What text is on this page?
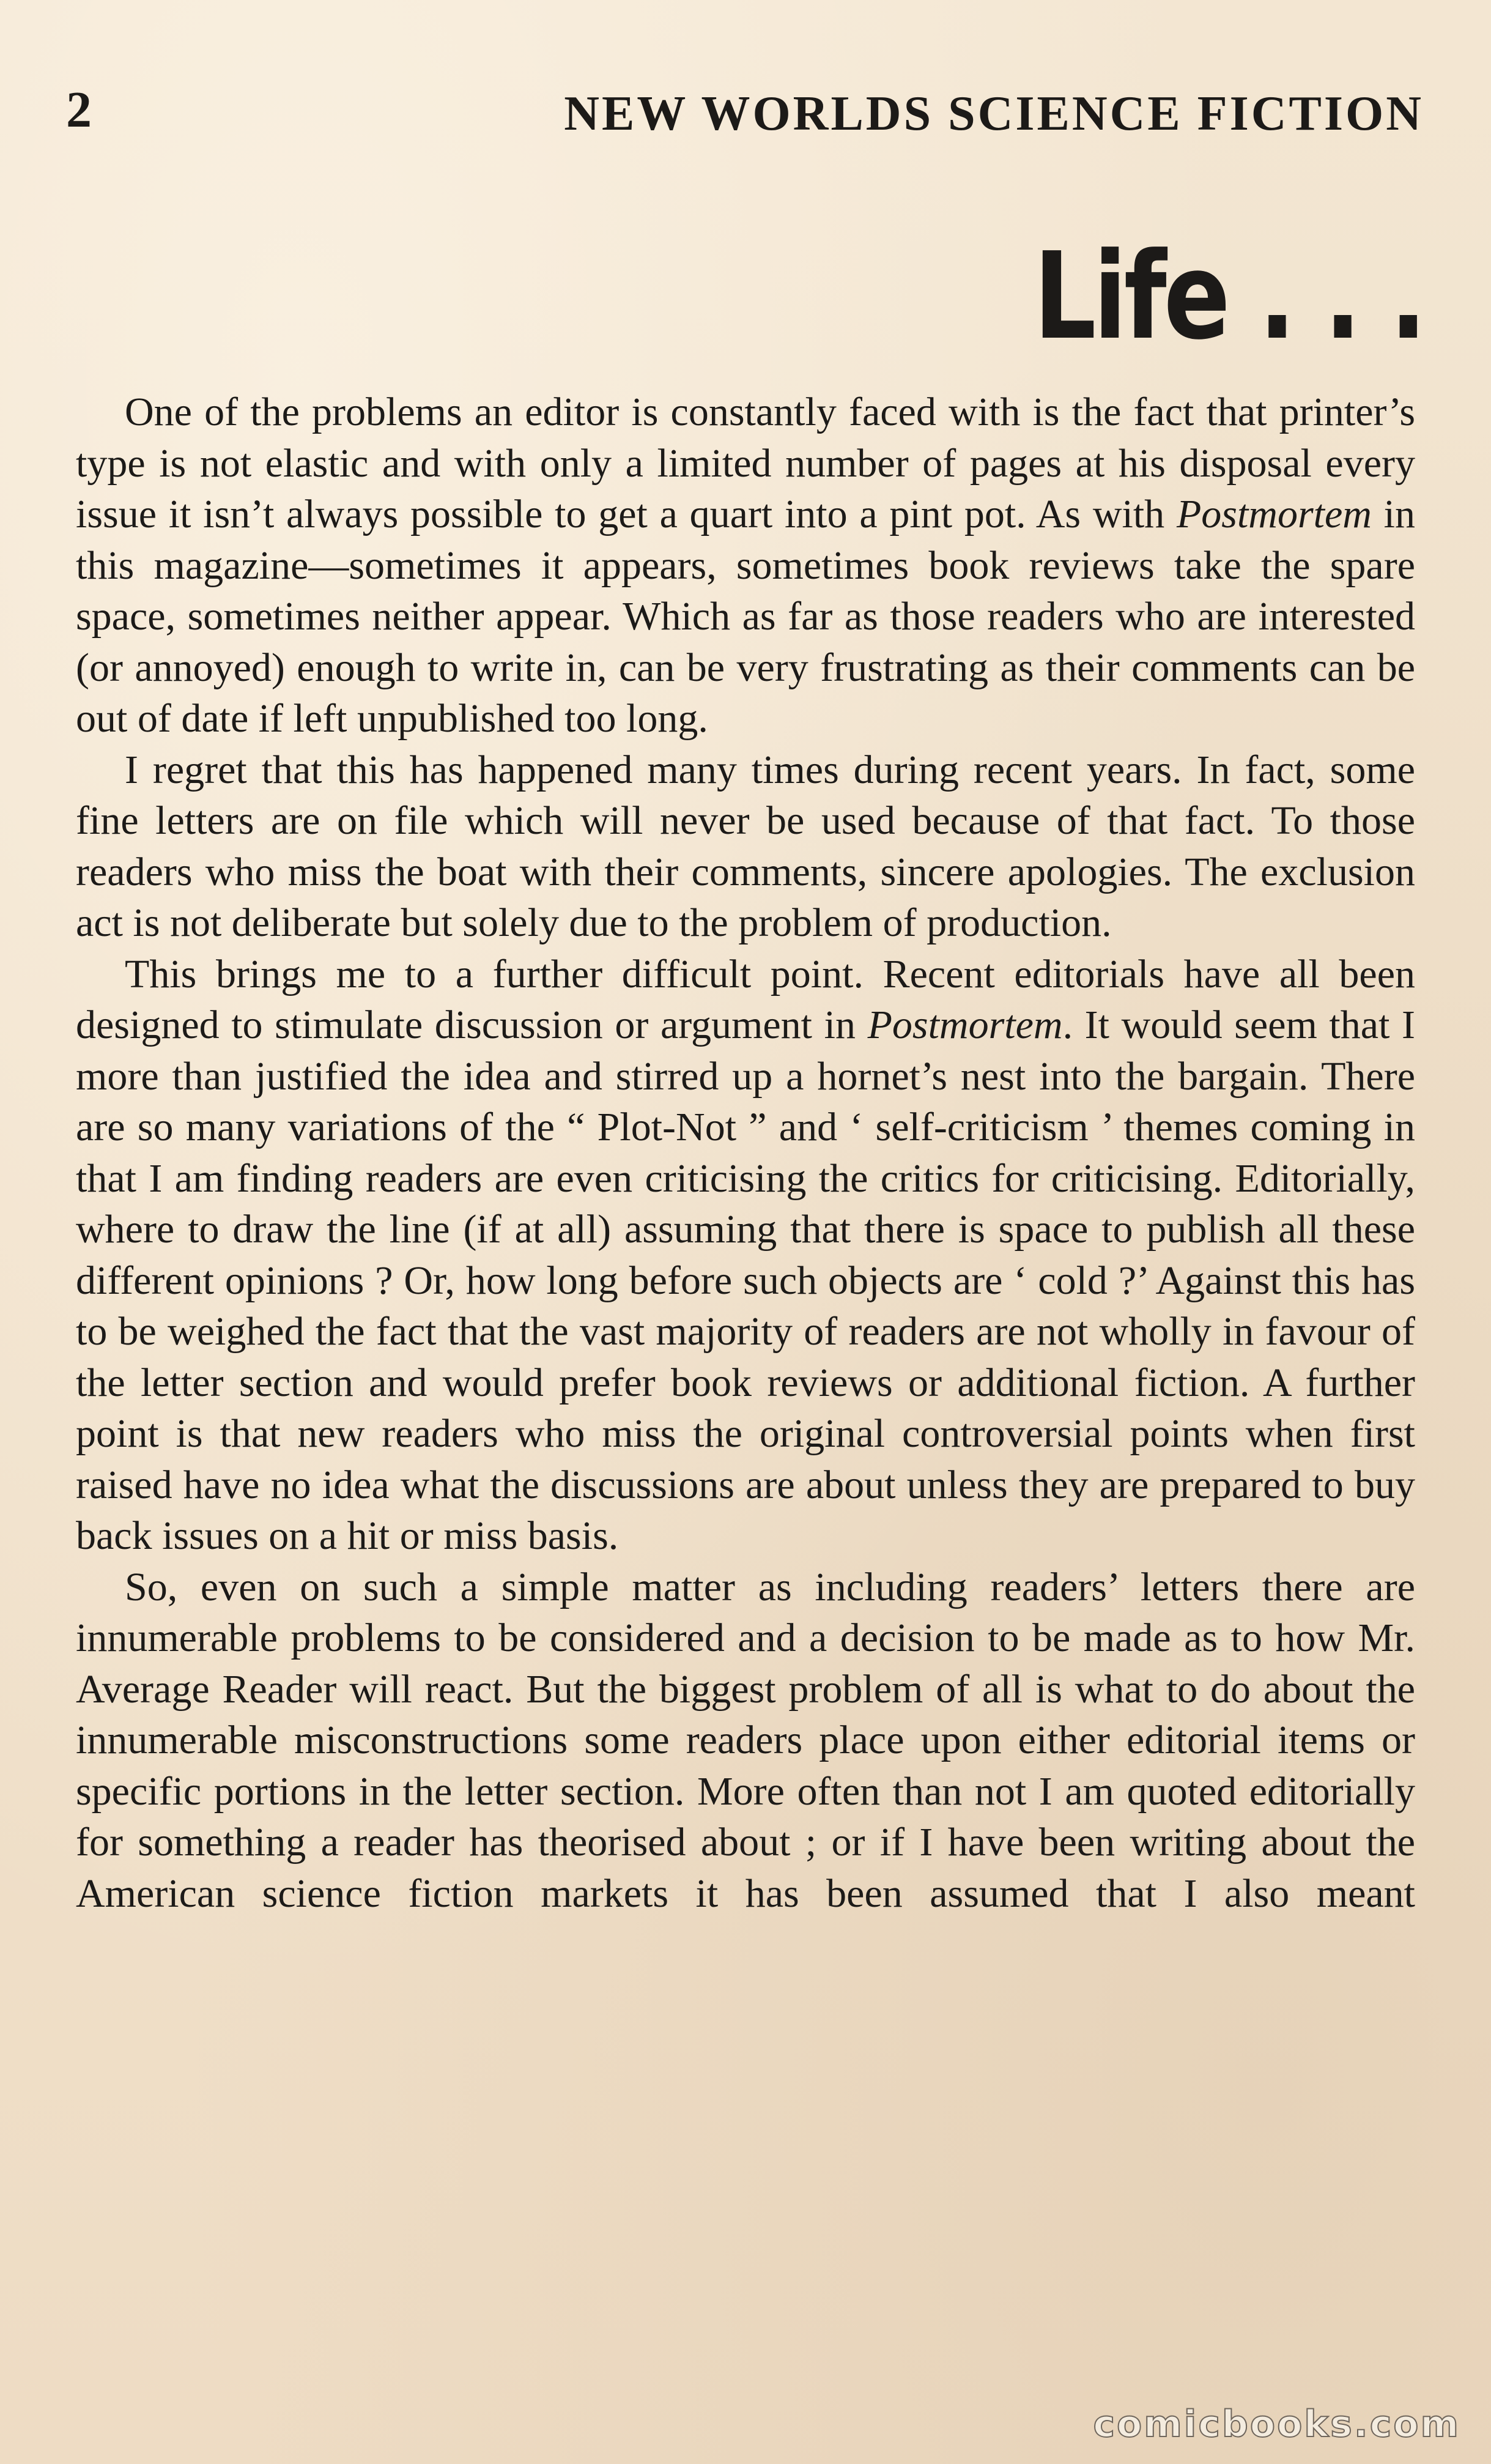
2	NEW WORLDS SCIENCE FICTION
Life . . .

One of the problems an editor is constantly faced with is the fact that printer’s type is not elastic and with only a limited number of pages at his disposal every issue it isn’t always possible to get a quart into a pint pot. As with Postmortem in this magazine—sometimes it appears, sometimes book reviews take the spare space, sometimes neither appear. Which as far as those readers who are interested (or annoyed) enough to write in, can be very frustrating as their comments can be out of date if left unpublished too long.

I regret that this has happened many times during recent years. In fact, some fine letters are on file which will never be used because of that fact. To those readers who miss the boat with their comments, sincere apologies. The exclusion act is not deliberate but solely due to the problem of production.

This brings me to a further difficult point. Recent editorials have all been designed to stimulate discussion or argument in Postmortem. It would seem that I more than justified the idea and stirred up a hornet’s nest into the bargain. There are so many variations of the “ Plot-Not ” and ‘ self-criticism ’ themes coming in that I am finding readers are even criticising the critics for criticising. Editorially, where to draw the line (if at all) assuming that there is space to publish all these different opinions ? Or, how long before such objects are ‘ cold ?’ Against this has to be weighed the fact that the vast majority of readers are not wholly in favour of the letter section and would prefer book reviews or additional fiction. A further point is that new readers who miss the original controversial points when first raised have no idea what the discussions are about unless they are prepared to buy back issues on a hit or miss basis.

So, even on such a simple matter as including readers’ letters there are innumerable problems to be considered and a decision to be made as to how Mr. Average Reader will react. But the biggest problem of all is what to do about the innumerable misconstructions some readers place upon either editorial items or specific portions in the letter section. More often than not I am quoted editorially for something a reader has theorised about ; or if I have been writing about the American science fiction markets it has been assumed that I also meant

comicbooks.com
